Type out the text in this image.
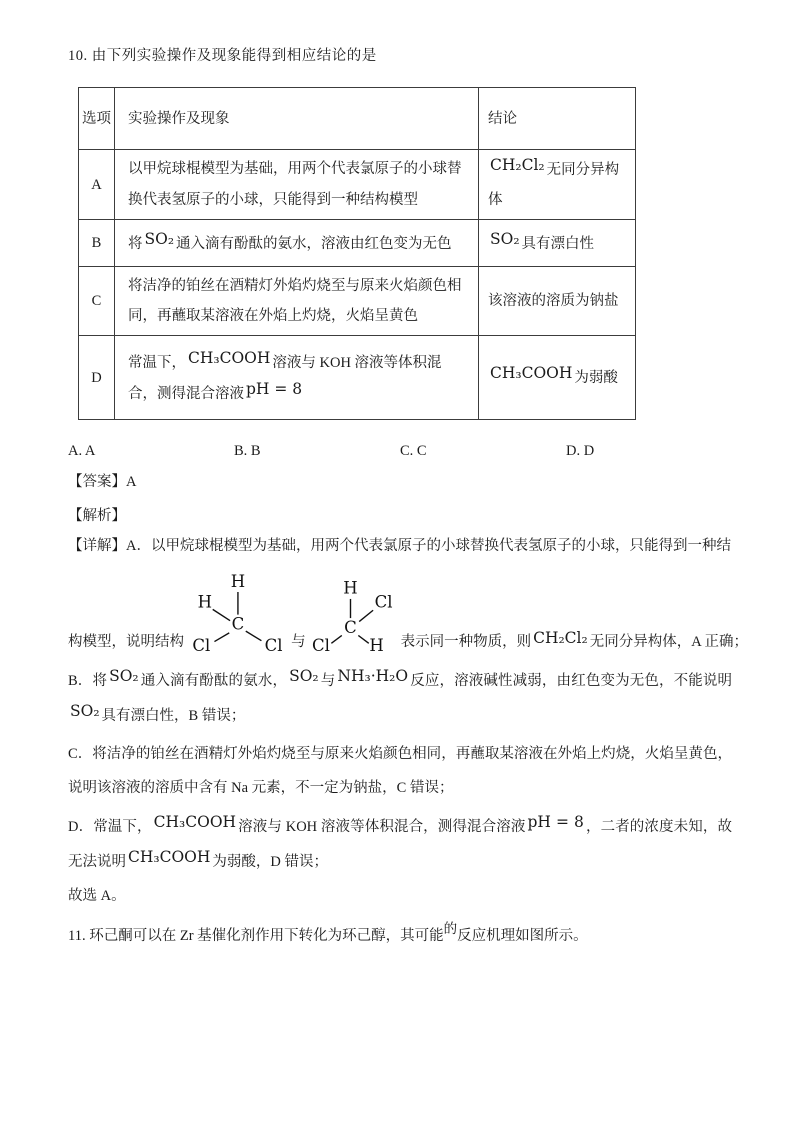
10. 由下列实验操作及现象能得到相应结论的是
选项	实验操作及现象	结论
A	以甲烷球棍模型为基础，用两个代表氯原子的小球替换代表氢原子的小球，只能得到一种结构模型	CH₂Cl₂ 无同分异构体
B	将 SO₂ 通入滴有酚酞的氨水，溶液由红色变为无色	SO₂ 具有漂白性
C	将洁净的铂丝在酒精灯外焰灼烧至与原来火焰颜色相同，再蘸取某溶液在外焰上灼烧，火焰呈黄色	该溶液的溶质为钠盐
D	常温下， CH₃COOH 溶液与 KOH 溶液等体积混合，测得混合溶液 pH = 8	CH₃COOH 为弱酸
A. A	B. B	C. C	D. D
【答案】A
【解析】
【详解】A．以甲烷球棍模型为基础，用两个代表氯原子的小球替换代表氢原子的小球，只能得到一种结
构模型，说明结构
H
H
C
Cl	Cl 与
H
Cl
C
Cl H 表示同一种物质，则 CH₂Cl₂ 无同分异构体，A 正确；
B．将 SO₂ 通入滴有酚酞的氨水， SO₂ 与 NH₃·H₂O 反应，溶液碱性减弱，由红色变为无色，不能说明SO₂ 具有漂白性，B 错误；
C．将洁净的铂丝在酒精灯外焰灼烧至与原来火焰颜色相同，再蘸取某溶液在外焰上灼烧，火焰呈黄色，说明该溶液的溶质中含有 Na 元素，不一定为钠盐，C 错误；
D．常温下， CH₃COOH 溶液与 KOH 溶液等体积混合，测得混合溶液 pH = 8 ，二者的浓度未知，故无法说明 CH₃COOH 为弱酸，D 错误；
故选 A。
11. 环己酮可以在 Zr 基催化剂作用下转化为环己醇，其可能的反应机理如图所示。
